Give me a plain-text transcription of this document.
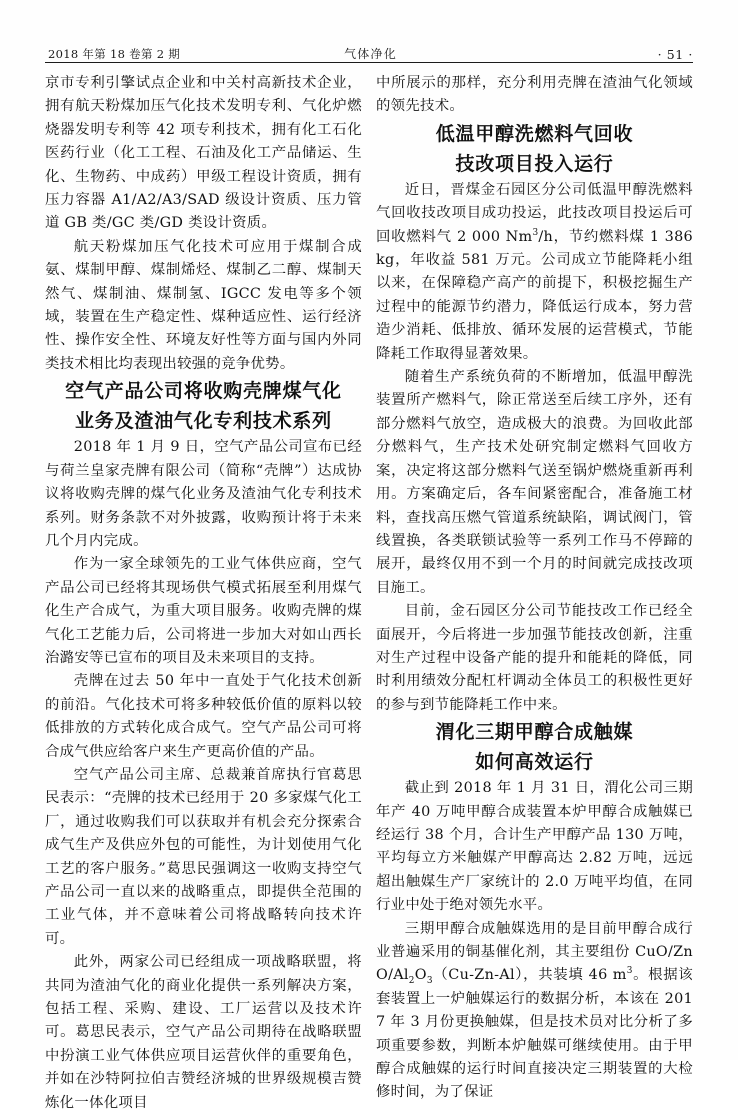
2018 年第 18 卷第 2 期	气体净化	· 51 ·

京市专利引擎试点企业和中关村高新技术企业，拥有航天粉煤加压气化技术发明专利、气化炉燃烧器发明专利等 42 项专利技术，拥有化工石化医药行业（化工工程、石油及化工产品储运、生化、生物药、中成药）甲级工程设计资质，拥有压力容器 A1/A2/A3/SAD 级设计资质、压力管道 GB 类/GC 类/GD 类设计资质。

航天粉煤加压气化技术可应用于煤制合成氨、煤制甲醇、煤制烯烃、煤制乙二醇、煤制天然气、煤制油、煤制氢、IGCC 发电等多个领域，装置在生产稳定性、煤种适应性、运行经济性、操作安全性、环境友好性等方面与国内外同类技术相比均表现出较强的竞争优势。

空气产品公司将收购壳牌煤气化
业务及渣油气化专利技术系列

2018 年 1 月 9 日，空气产品公司宣布已经与荷兰皇家壳牌有限公司（简称“壳牌”）达成协议将收购壳牌的煤气化业务及渣油气化专利技术系列。财务条款不对外披露，收购预计将于未来几个月内完成。

作为一家全球领先的工业气体供应商，空气产品公司已经将其现场供气模式拓展至利用煤气化生产合成气，为重大项目服务。收购壳牌的煤气化工艺能力后，公司将进一步加大对如山西长治潞安等已宣布的项目及未来项目的支持。

壳牌在过去 50 年中一直处于气化技术创新的前沿。气化技术可将多种较低价值的原料以较低排放的方式转化成合成气。空气产品公司可将合成气供应给客户来生产更高价值的产品。

空气产品公司主席、总裁兼首席执行官葛思民表示：“壳牌的技术已经用于 20 多家煤气化工厂，通过收购我们可以获取并有机会充分探索合成气生产及供应外包的可能性，为计划使用气化工艺的客户服务。”葛思民强调这一收购支持空气产品公司一直以来的战略重点，即提供全范围的工业气体，并不意味着公司将战略转向技术许可。

此外，两家公司已经组成一项战略联盟，将共同为渣油气化的商业化提供一系列解决方案，包括工程、采购、建设、工厂运营以及技术许可。葛思民表示，空气产品公司期待在战略联盟中扮演工业气体供应项目运营伙伴的重要角色，并如在沙特阿拉伯吉赞经济城的世界级规模吉赞炼化一体化项目

中所展示的那样，充分利用壳牌在渣油气化领域的领先技术。

低温甲醇洗燃料气回收
技改项目投入运行

近日，晋煤金石园区分公司低温甲醇洗燃料气回收技改项目成功投运，此技改项目投运后可回收燃料气 2 000 Nm$^3$/h，节约燃料煤 1 386 kg，年收益 581 万元。公司成立节能降耗小组以来，在保障稳产高产的前提下，积极挖掘生产过程中的能源节约潜力，降低运行成本，努力营造少消耗、低排放、循环发展的运营模式，节能降耗工作取得显著效果。

随着生产系统负荷的不断增加，低温甲醇洗装置所产燃料气，除正常送至后续工序外，还有部分燃料气放空，造成极大的浪费。为回收此部分燃料气，生产技术处研究制定燃料气回收方案，决定将这部分燃料气送至锅炉燃烧重新再利用。方案确定后，各车间紧密配合，准备施工材料，查找高压燃气管道系统缺陷，调试阀门，管线置换，各类联锁试验等一系列工作马不停蹄的展开，最终仅用不到一个月的时间就完成技改项目施工。

目前，金石园区分公司节能技改工作已经全面展开，今后将进一步加强节能技改创新，注重对生产过程中设备产能的提升和能耗的降低，同时利用绩效分配杠杆调动全体员工的积极性更好的参与到节能降耗工作中来。

渭化三期甲醇合成触媒
如何高效运行

截止到 2018 年 1 月 31 日，渭化公司三期年产 40 万吨甲醇合成装置本炉甲醇合成触媒已经运行 38 个月，合计生产甲醇产品 130 万吨，平均每立方米触媒产甲醇高达 2.82 万吨，远远超出触媒生产厂家统计的 2.0 万吨平均值，在同行业中处于绝对领先水平。

三期甲醇合成触媒选用的是目前甲醇合成行业普遍采用的铜基催化剂，其主要组份 CuO/$ZnO/Al_2O_3(Cu-Zn-Al)$，共装填 46 $m^3$。根据该套装置上一炉触媒运行的数据分析，本该在 2017 年 3 月份更换触媒，但是技术员对比分析了多项重要参数，判断本炉触媒可继续使用。由于甲醇合成触媒的运行时间直接决定三期装置的大检修时间，为了保证
